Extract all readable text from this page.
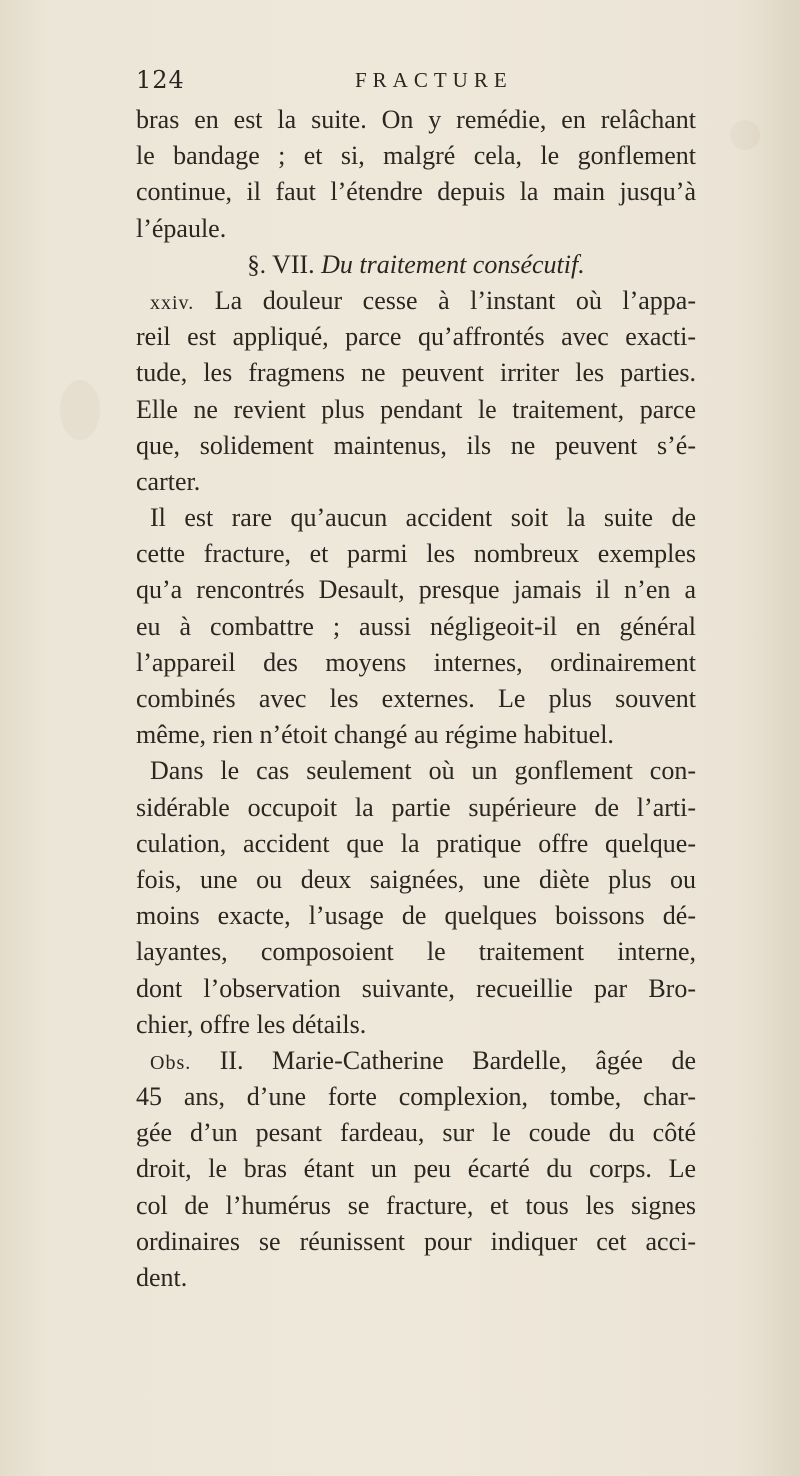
124	FRACTURE
bras en est la suite. On y remédie, en relâchant
le bandage ; et si, malgré cela, le gonflement
continue, il faut l’étendre depuis la main jusqu’à
l’épaule.
§. VII. Du traitement consécutif.
xxiv. La douleur cesse à l’instant où l’appa-
reil est appliqué, parce qu’affrontés avec exacti-
tude, les fragmens ne peuvent irriter les parties.
Elle ne revient plus pendant le traitement, parce
que, solidement maintenus, ils ne peuvent s’é-
carter.
Il est rare qu’aucun accident soit la suite de
cette fracture, et parmi les nombreux exemples
qu’a rencontrés Desault, presque jamais il n’en a
eu à combattre ; aussi négligeoit-il en général
l’appareil des moyens internes, ordinairement
combinés avec les externes. Le plus souvent
même, rien n’étoit changé au régime habituel.
Dans le cas seulement où un gonflement con-
sidérable occupoit la partie supérieure de l’arti-
culation, accident que la pratique offre quelque-
fois, une ou deux saignées, une diète plus ou
moins exacte, l’usage de quelques boissons dé-
layantes, composoient le traitement interne,
dont l’observation suivante, recueillie par Bro-
chier, offre les détails.
Obs. II. Marie-Catherine Bardelle, âgée de
45 ans, d’une forte complexion, tombe, char-
gée d’un pesant fardeau, sur le coude du côté
droit, le bras étant un peu écarté du corps. Le
col de l’humérus se fracture, et tous les signes
ordinaires se réunissent pour indiquer cet acci-
dent.
